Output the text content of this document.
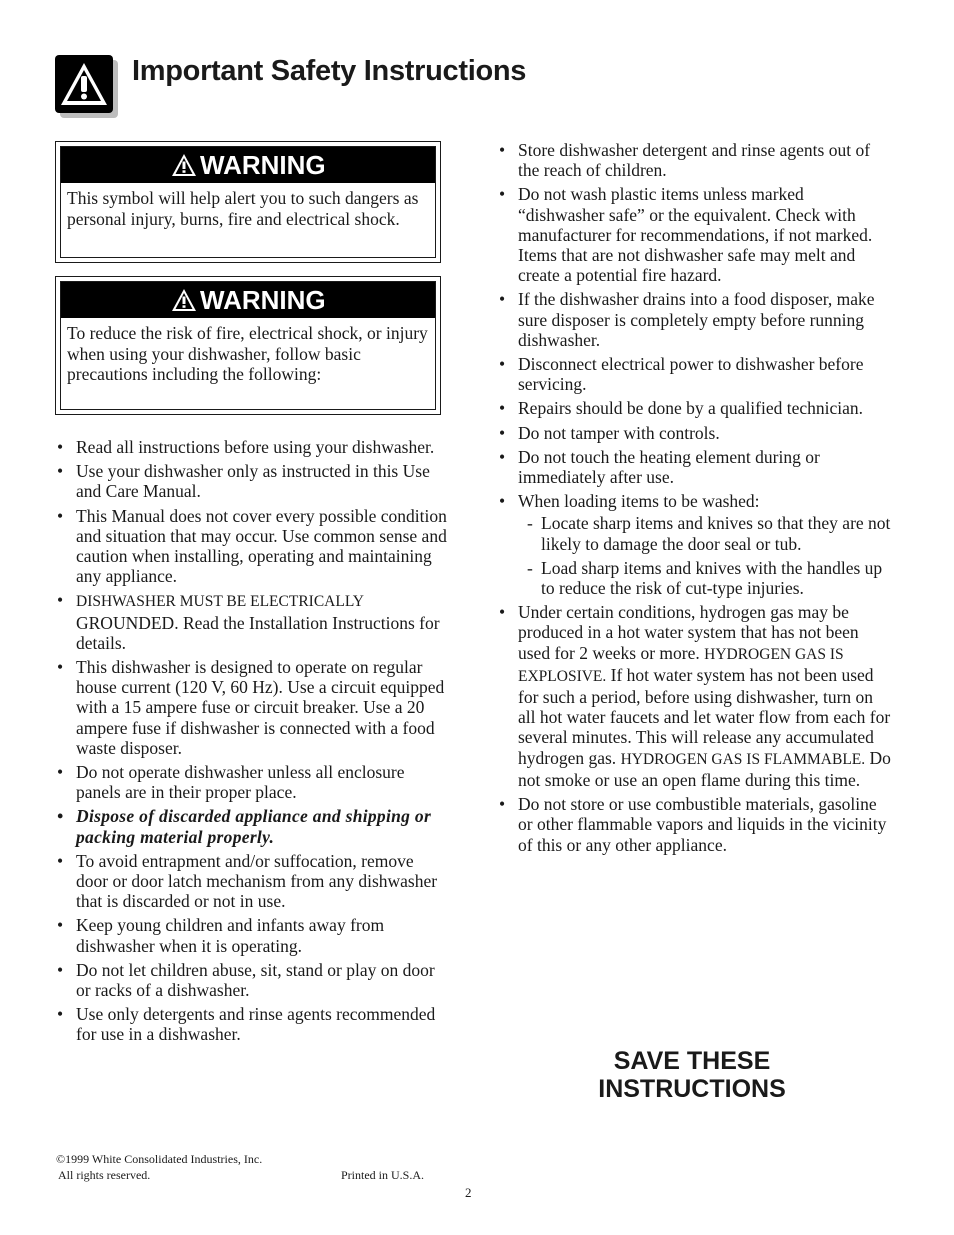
Important Safety Instructions
WARNING
This symbol will help alert you to such dangers as personal injury, burns, fire and electrical shock.
WARNING
To reduce the risk of fire, electrical shock, or injury when using your dishwasher, follow basic precautions including the following:
• Read all instructions before using your dishwasher.
• Use your dishwasher only as instructed in this Use and Care Manual.
• This Manual does not cover every possible condition and situation that may occur. Use common sense and caution when installing, operating and maintaining any appliance.
• DISHWASHER MUST BE ELECTRICALLY GROUNDED. Read the Installation Instructions for details.
• This dishwasher is designed to operate on regular house current (120 V, 60 Hz). Use a circuit equipped with a 15 ampere fuse or circuit breaker. Use a 20 ampere fuse if dishwasher is connected with a food waste disposer.
• Do not operate dishwasher unless all enclosure panels are in their proper place.
• Dispose of discarded appliance and shipping or packing material properly.
• To avoid entrapment and/or suffocation, remove door or door latch mechanism from any dishwasher that is discarded or not in use.
• Keep young children and infants away from dishwasher when it is operating.
• Do not let children abuse, sit, stand or play on door or racks of a dishwasher.
• Use only detergents and rinse agents recommended for use in a dishwasher.
• Store dishwasher detergent and rinse agents out of the reach of children.
• Do not wash plastic items unless marked “dishwasher safe” or the equivalent. Check with manufacturer for recommendations, if not marked. Items that are not dishwasher safe may melt and create a potential fire hazard.
• If the dishwasher drains into a food disposer, make sure disposer is completely empty before running dishwasher.
• Disconnect electrical power to dishwasher before servicing.
• Repairs should be done by a qualified technician.
• Do not tamper with controls.
• Do not touch the heating element during or immediately after use.
• When loading items to be washed:
- Locate sharp items and knives so that they are not likely to damage the door seal or tub.
- Load sharp items and knives with the handles up to reduce the risk of cut-type injuries.
• Under certain conditions, hydrogen gas may be produced in a hot water system that has not been used for 2 weeks or more. HYDROGEN GAS IS EXPLOSIVE. If hot water system has not been used for such a period, before using dishwasher, turn on all hot water faucets and let water flow from each for several minutes. This will release any accumulated hydrogen gas. HYDROGEN GAS IS FLAMMABLE. Do not smoke or use an open flame during this time.
• Do not store or use combustible materials, gasoline or other flammable vapors and liquids in the vicinity of this or any other appliance.
SAVE THESE
INSTRUCTIONS
©1999 White Consolidated Industries, Inc.
All rights reserved.	Printed in U.S.A.
2
